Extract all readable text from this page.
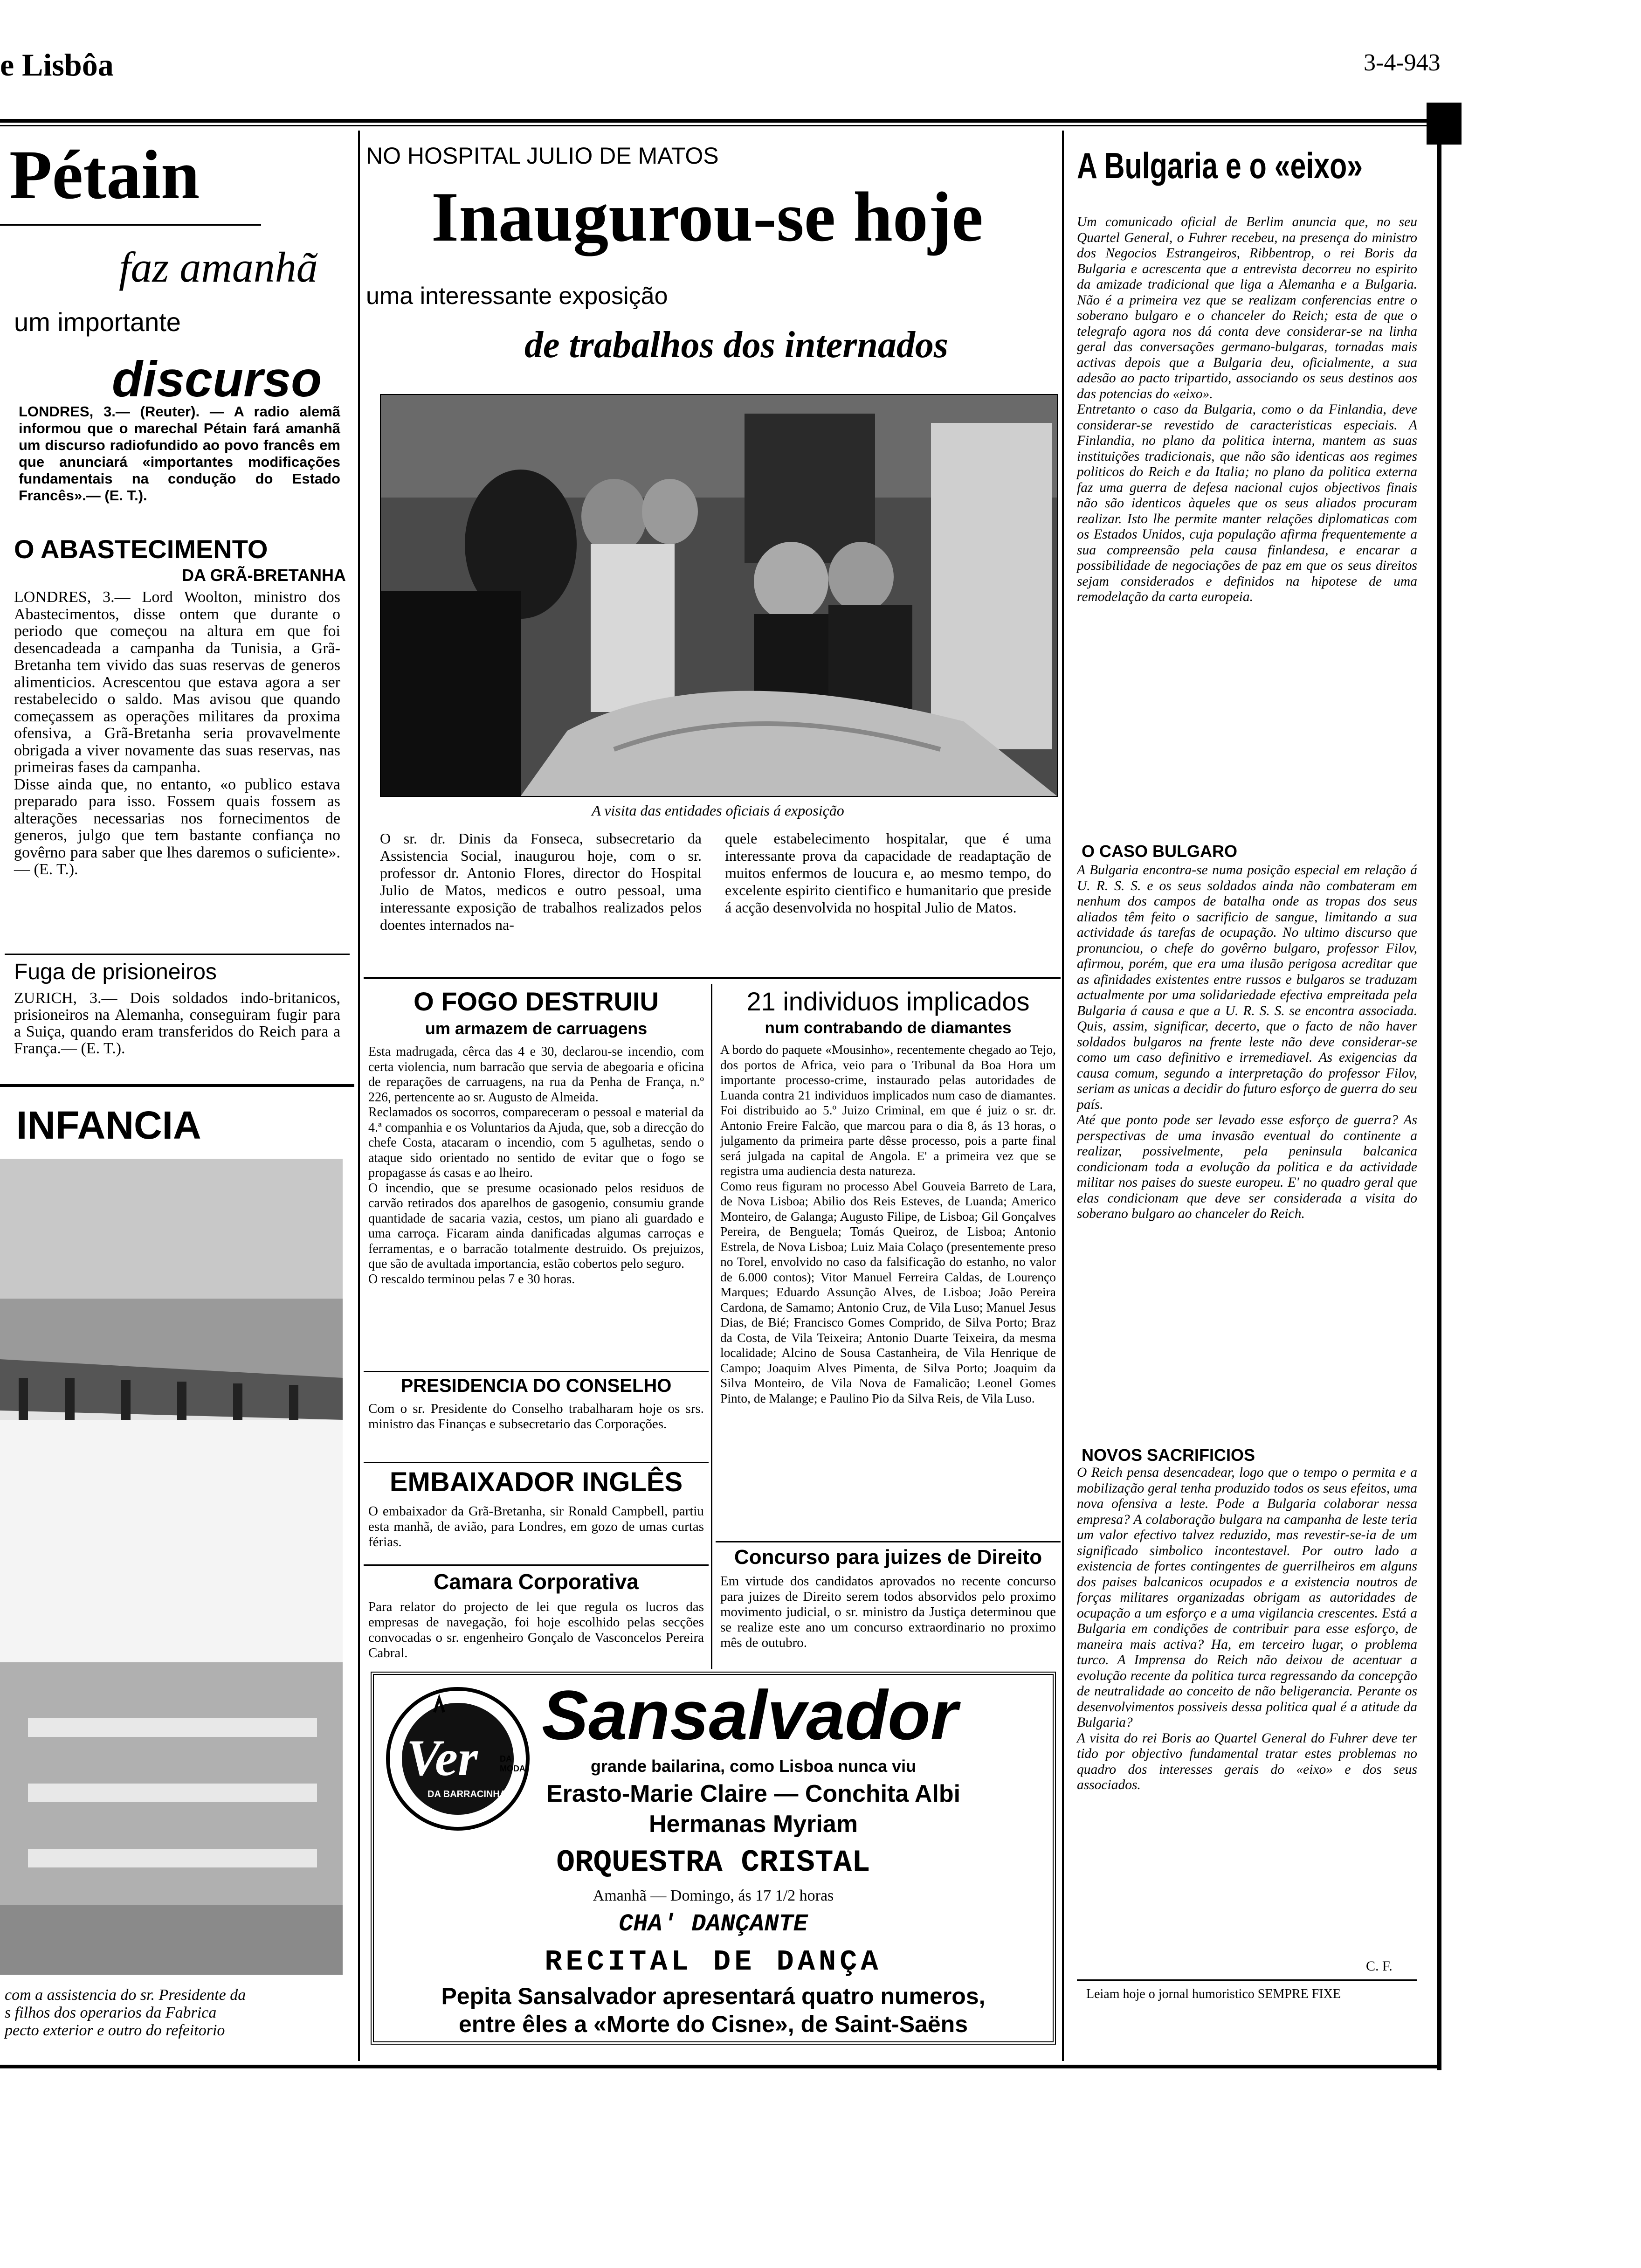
e Lisbôa	3-4-943
Pétain
faz amanhã
um importante
discurso
LONDRES, 3.— (Reuter). — A radio alemã informou que o marechal Pétain fará amanhã um discurso radiofundido ao povo francês em que anunciará «importantes modificações fundamentais na condução do Estado Francês».— (E. T.).
O ABASTECIMENTO
DA GRÃ-BRETANHA
LONDRES, 3.— Lord Woolton, ministro dos Abastecimentos, disse ontem que durante o periodo que começou na altura em que foi desencadeada a campanha da Tunisia, a Grã-Bretanha tem vivido das suas reservas de generos alimenticios. Acrescentou que estava agora a ser restabelecido o saldo. Mas avisou que quando começassem as operações militares da proxima ofensiva, a Grã-Bretanha seria provavelmente obrigada a viver novamente das suas reservas, nas primeiras fases da campanha.
Disse ainda que, no entanto, «o publico estava preparado para isso. Fossem quais fossem as alterações necessarias nos fornecimentos de generos, julgo que tem bastante confiança no govêrno para saber que lhes daremos o suficiente».— (E. T.).
Fuga de prisioneiros
ZURICH, 3.— Dois soldados indo-britanicos, prisioneiros na Alemanha, conseguiram fugir para a Suiça, quando eram transferidos do Reich para a França.— (E. T.).
INFANCIA
com a assistencia do sr. Presidente da
s filhos dos operarios da Fabrica
pecto exterior e outro do refeitorio
NO HOSPITAL JULIO DE MATOS
Inaugurou-se hoje
uma interessante exposição
de trabalhos dos internados
A visita das entidades oficiais á exposição
O sr. dr. Dinis da Fonseca, subsecretario da Assistencia Social, inaugurou hoje, com o sr. professor dr. Antonio Flores, director do Hospital Julio de Matos, medicos e outro pessoal, uma interessante exposição de trabalhos realizados pelos doentes internados na-
quele estabelecimento hospitalar, que é uma interessante prova da capacidade de readaptação de muitos enfermos de loucura e, ao mesmo tempo, do excelente espirito cientifico e humanitario que preside á acção desenvolvida no hospital Julio de Matos.
O FOGO DESTRUIU
um armazem de carruagens
Esta madrugada, cêrca das 4 e 30, declarou-se incendio, com certa violencia, num barracão que servia de abegoaria e oficina de reparações de carruagens, na rua da Penha de França, n.º 226, pertencente ao sr. Augusto de Almeida.
Reclamados os socorros, compareceram o pessoal e material da 4.ª companhia e os Voluntarios da Ajuda, que, sob a direcção do chefe Costa, atacaram o incendio, com 5 agulhetas, sendo o ataque sido orientado no sentido de evitar que o fogo se propagasse ás casas e ao lheiro.
O incendio, que se presume ocasionado pelos residuos de carvão retirados dos aparelhos de gasogenio, consumiu grande quantidade de sacaria vazia, cestos, um piano ali guardado e uma carroça. Ficaram ainda danificadas algumas carroças e ferramentas, e o barracão totalmente destruido. Os prejuizos, que são de avultada importancia, estão cobertos pelo seguro.
O rescaldo terminou pelas 7 e 30 horas.
PRESIDENCIA DO CONSELHO
Com o sr. Presidente do Conselho trabalharam hoje os srs. ministro das Finanças e subsecretario das Corporações.
EMBAIXADOR INGLÊS
O embaixador da Grã-Bretanha, sir Ronald Campbell, partiu esta manhã, de avião, para Londres, em gozo de umas curtas férias.
Camara Corporativa
Para relator do projecto de lei que regula os lucros das empresas de navegação, foi hoje escolhido pelas secções convocadas o sr. engenheiro Gonçalo de Vasconcelos Pereira Cabral.
21 individuos implicados
num contrabando de diamantes
A bordo do paquete «Mousinho», recentemente chegado ao Tejo, dos portos de Africa, veio para o Tribunal da Boa Hora um importante processo-crime, instaurado pelas autoridades de Luanda contra 21 individuos implicados num caso de diamantes. Foi distribuido ao 5.º Juizo Criminal, em que é juiz o sr. dr. Antonio Freire Falcão, que marcou para o dia 8, ás 13 horas, o julgamento da primeira parte dêsse processo, pois a parte final será julgada na capital de Angola. E' a primeira vez que se registra uma audiencia desta natureza.
Como reus figuram no processo Abel Gouveia Barreto de Lara, de Nova Lisboa; Abilio dos Reis Esteves, de Luanda; Americo Monteiro, de Galanga; Augusto Filipe, de Lisboa; Gil Gonçalves Pereira, de Benguela; Tomás Queiroz, de Lisboa; Antonio Estrela, de Nova Lisboa; Luiz Maia Colaço (presentemente preso no Torel, envolvido no caso da falsificação do estanho, no valor de 6.000 contos); Vitor Manuel Ferreira Caldas, de Lourenço Marques; Eduardo Assunção Alves, de Lisboa; João Pereira Cardona, de Samamo; Antonio Cruz, de Vila Luso; Manuel Jesus Dias, de Bié; Francisco Gomes Comprido, de Silva Porto; Braz da Costa, de Vila Teixeira; Antonio Duarte Teixeira, da mesma localidade; Alcino de Sousa Castanheira, de Vila Henrique de Campo; Joaquim Alves Pimenta, de Silva Porto; Joaquim da Silva Monteiro, de Vila Nova de Famalicão; Leonel Gomes Pinto, de Malange; e Paulino Pio da Silva Reis, de Vila Luso.
Concurso para juizes de Direito
Em virtude dos candidatos aprovados no recente concurso para juizes de Direito serem todos absorvidos pelo proximo movimento judicial, o sr. ministro da Justiça determinou que se realize este ano um concurso extraordinario no proximo mês de outubro.
Ver
DA BARRACINHA
DA MODA
Sansalvador
grande bailarina, como Lisboa nunca viu
Erasto-Marie Claire — Conchita Albi
Hermanas Myriam
ORQUESTRA CRISTAL
Amanhã — Domingo, ás 17 1/2 horas
CHA' DANÇANTE
RECITAL DE DANÇA
Pepita Sansalvador apresentará quatro numeros,
entre êles a «Morte do Cisne», de Saint-Saëns
A Bulgaria e o «eixo»
Um comunicado oficial de Berlim anuncia que, no seu Quartel General, o Fuhrer recebeu, na presença do ministro dos Negocios Estrangeiros, Ribbentrop, o rei Boris da Bulgaria e acrescenta que a entrevista decorreu no espirito da amizade tradicional que liga a Alemanha e a Bulgaria. Não é a primeira vez que se realizam conferencias entre o soberano bulgaro e o chanceler do Reich; esta de que o telegrafo agora nos dá conta deve considerar-se na linha geral das conversações germano-bulgaras, tornadas mais activas depois que a Bulgaria deu, oficialmente, a sua adesão ao pacto tripartido, associando os seus destinos aos das potencias do «eixo».
Entretanto o caso da Bulgaria, como o da Finlandia, deve considerar-se revestido de caracteristicas especiais. A Finlandia, no plano da politica interna, mantem as suas instituições tradicionais, que não são identicas aos regimes politicos do Reich e da Italia; no plano da politica externa faz uma guerra de defesa nacional cujos objectivos finais não são identicos àqueles que os seus aliados procuram realizar. Isto lhe permite manter relações diplomaticas com os Estados Unidos, cuja população afirma frequentemente a sua compreensão pela causa finlandesa, e encarar a possibilidade de negociações de paz em que os seus direitos sejam considerados e definidos na hipotese de uma remodelação da carta europeia.
O CASO BULGARO
A Bulgaria encontra-se numa posição especial em relação á U. R. S. S. e os seus soldados ainda não combateram em nenhum dos campos de batalha onde as tropas dos seus aliados têm feito o sacrificio de sangue, limitando a sua actividade ás tarefas de ocupação. No ultimo discurso que pronunciou, o chefe do govêrno bulgaro, professor Filov, afirmou, porém, que era uma ilusão perigosa acreditar que as afinidades existentes entre russos e bulgaros se traduzam actualmente por uma solidariedade efectiva empreitada pela Bulgaria á causa e que a U. R. S. S. se encontra associada. Quis, assim, significar, decerto, que o facto de não haver soldados bulgaros na frente leste não deve considerar-se como um caso definitivo e irremediavel. As exigencias da causa comum, segundo a interpretação do professor Filov, seriam as unicas a decidir do futuro esforço de guerra do seu país.
Até que ponto pode ser levado esse esforço de guerra? As perspectivas de uma invasão eventual do continente a realizar, possivelmente, pela peninsula balcanica condicionam toda a evolução da politica e da actividade militar nos paises do sueste europeu. E' no quadro geral que elas condicionam que deve ser considerada a visita do soberano bulgaro ao chanceler do Reich.
NOVOS SACRIFICIOS
O Reich pensa desencadear, logo que o tempo o permita e a mobilização geral tenha produzido todos os seus efeitos, uma nova ofensiva a leste. Pode a Bulgaria colaborar nessa empresa? A colaboração bulgara na campanha de leste teria um valor efectivo talvez reduzido, mas revestir-se-ia de um significado simbolico incontestavel. Por outro lado a existencia de fortes contingentes de guerrilheiros em alguns dos paises balcanicos ocupados e a existencia noutros de forças militares organizadas obrigam as autoridades de ocupação a um esforço e a uma vigilancia crescentes. Está a Bulgaria em condições de contribuir para esse esforço, de maneira mais activa? Ha, em terceiro lugar, o problema turco. A Imprensa do Reich não deixou de acentuar a evolução recente da politica turca regressando da concepção de neutralidade ao conceito de não beligerancia. Perante os desenvolvimentos possiveis dessa politica qual é a atitude da Bulgaria?
A visita do rei Boris ao Quartel General do Fuhrer deve ter tido por objectivo fundamental tratar estes problemas no quadro dos interesses gerais do «eixo» e dos seus associados.
C. F.
Leiam hoje o jornal humoristico SEMPRE FIXE
